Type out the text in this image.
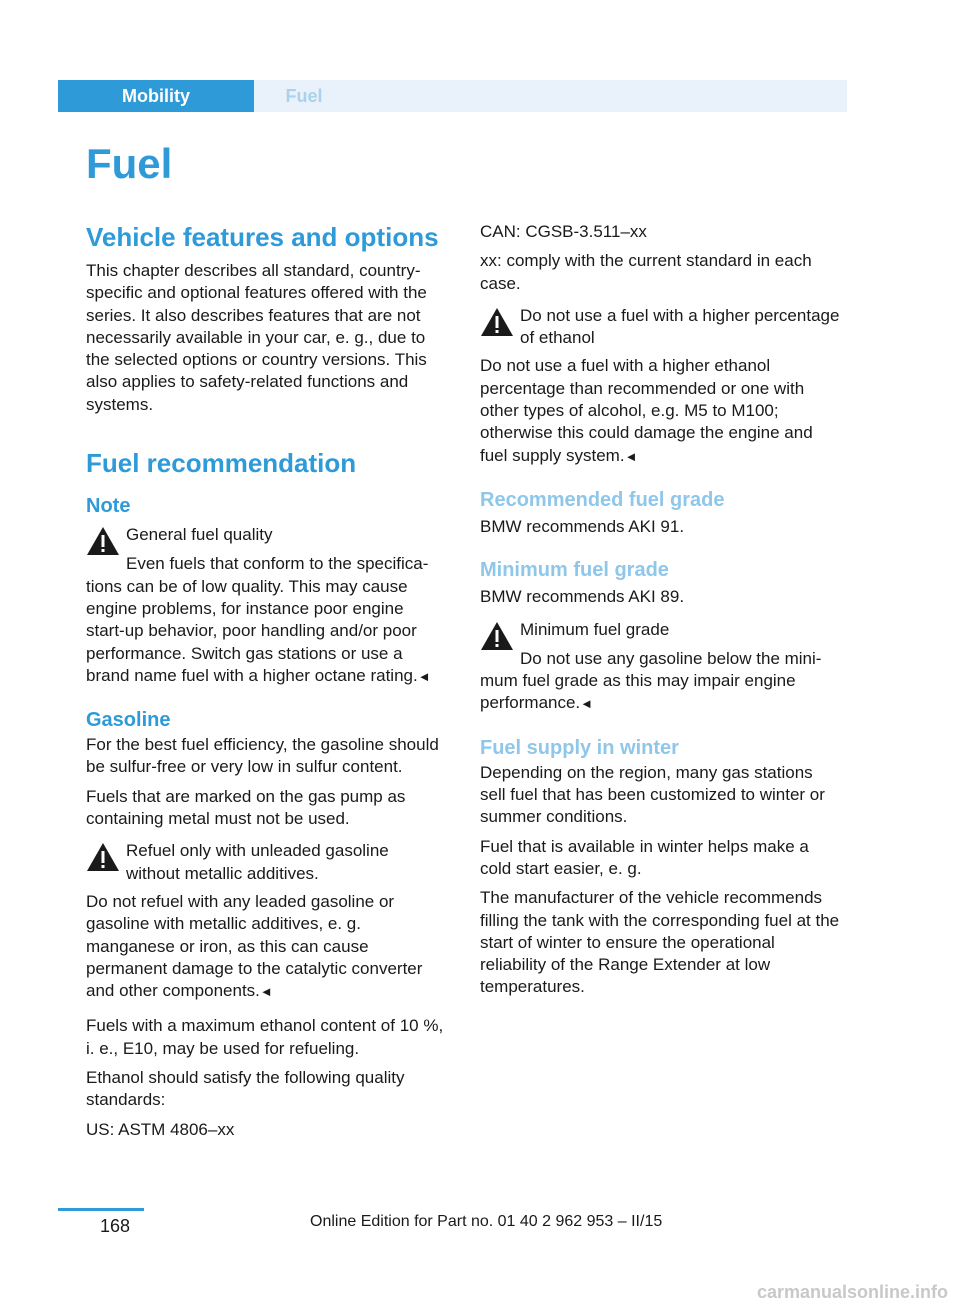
Mobility	Fuel
Fuel
Vehicle features and options

This chapter describes all standard, country-specific and optional features offered with the series. It also describes features that are not necessarily available in your car, e. g., due to the selected options or country versions. This also applies to safety-related functions and systems.

Fuel recommendation
Note
General fuel quality
Even fuels that conform to the specifica-
tions can be of low quality. This may cause engine problems, for instance poor engine start-up behavior, poor handling and/or poor performance. Switch gas stations or use a brand name fuel with a higher octane rating.◄
Gasoline

For the best fuel efficiency, the gasoline should be sulfur-free or very low in sulfur content.

Fuels that are marked on the gas pump as containing metal must not be used.

Refuel only with unleaded gasoline without metallic additives.
Do not refuel with any leaded gasoline or gasoline with metallic additives, e. g. manganese or iron, as this can cause permanent damage to the catalytic converter and other components.◄

Fuels with a maximum ethanol content of 10 %, i. e., E10, may be used for refueling.

Ethanol should satisfy the following quality standards:

US: ASTM 4806–xx

CAN: CGSB-3.511–xx

xx: comply with the current standard in each case.

Do not use a fuel with a higher percentage of ethanol
Do not use a fuel with a higher ethanol percentage than recommended or one with other types of alcohol, e.g. M5 to M100; otherwise this could damage the engine and fuel supply system.◄
Recommended fuel grade

BMW recommends AKI 91.

Minimum fuel grade

BMW recommends AKI 89.

Minimum fuel grade
Do not use any gasoline below the mini-
mum fuel grade as this may impair engine performance.◄
Fuel supply in winter

Depending on the region, many gas stations sell fuel that has been customized to winter or summer conditions.

Fuel that is available in winter helps make a cold start easier, e. g.

The manufacturer of the vehicle recommends filling the tank with the corresponding fuel at the start of winter to ensure the operational reliability of the Range Extender at low temperatures.

168	Online Edition for Part no. 01 40 2 962 953 – II/15
carmanualsonline.info
